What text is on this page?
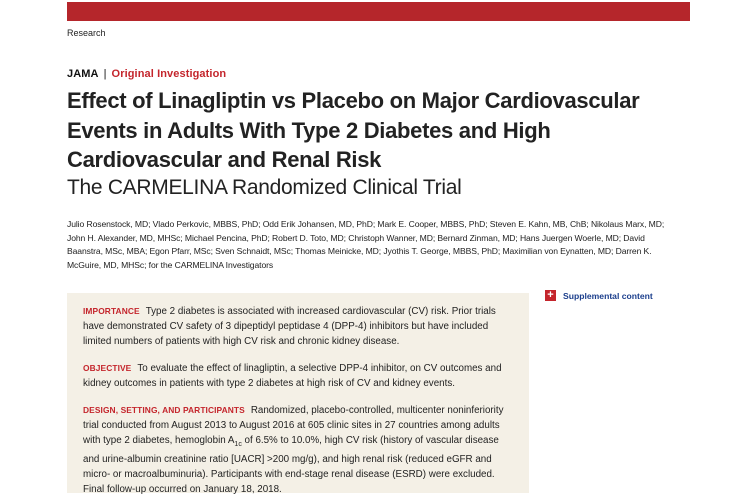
Research
JAMA | Original Investigation
Effect of Linagliptin vs Placebo on Major Cardiovascular Events in Adults With Type 2 Diabetes and High Cardiovascular and Renal Risk
The CARMELINA Randomized Clinical Trial
Julio Rosenstock, MD; Vlado Perkovic, MBBS, PhD; Odd Erik Johansen, MD, PhD; Mark E. Cooper, MBBS, PhD; Steven E. Kahn, MB, ChB; Nikolaus Marx, MD; John H. Alexander, MD, MHSc; Michael Pencina, PhD; Robert D. Toto, MD; Christoph Wanner, MD; Bernard Zinman, MD; Hans Juergen Woerle, MD; David Baanstra, MSc, MBA; Egon Pfarr, MSc; Sven Schnaidt, MSc; Thomas Meinicke, MD; Jyothis T. George, MBBS, PhD; Maximilian von Eynatten, MD; Darren K. McGuire, MD, MHSc; for the CARMELINA Investigators
+ Supplemental content

IMPORTANCE Type 2 diabetes is associated with increased cardiovascular (CV) risk. Prior trials have demonstrated CV safety of 3 dipeptidyl peptidase 4 (DPP-4) inhibitors but have included limited numbers of patients with high CV risk and chronic kidney disease.

OBJECTIVE To evaluate the effect of linagliptin, a selective DPP-4 inhibitor, on CV outcomes and kidney outcomes in patients with type 2 diabetes at high risk of CV and kidney events.

DESIGN, SETTING, AND PARTICIPANTS Randomized, placebo-controlled, multicenter noninferiority trial conducted from August 2013 to August 2016 at 605 clinic sites in 27 countries among adults with type 2 diabetes, hemoglobin $A_{1c}$ of 6.5% to 10.0%, high CV risk (history of vascular disease and urine-albumin creatinine ratio [UACR] >200 mg/g), and high renal risk (reduced eGFR and micro- or macroalbuminuria). Participants with end-stage renal disease (ESRD) were excluded. Final follow-up occurred on January 18, 2018.
